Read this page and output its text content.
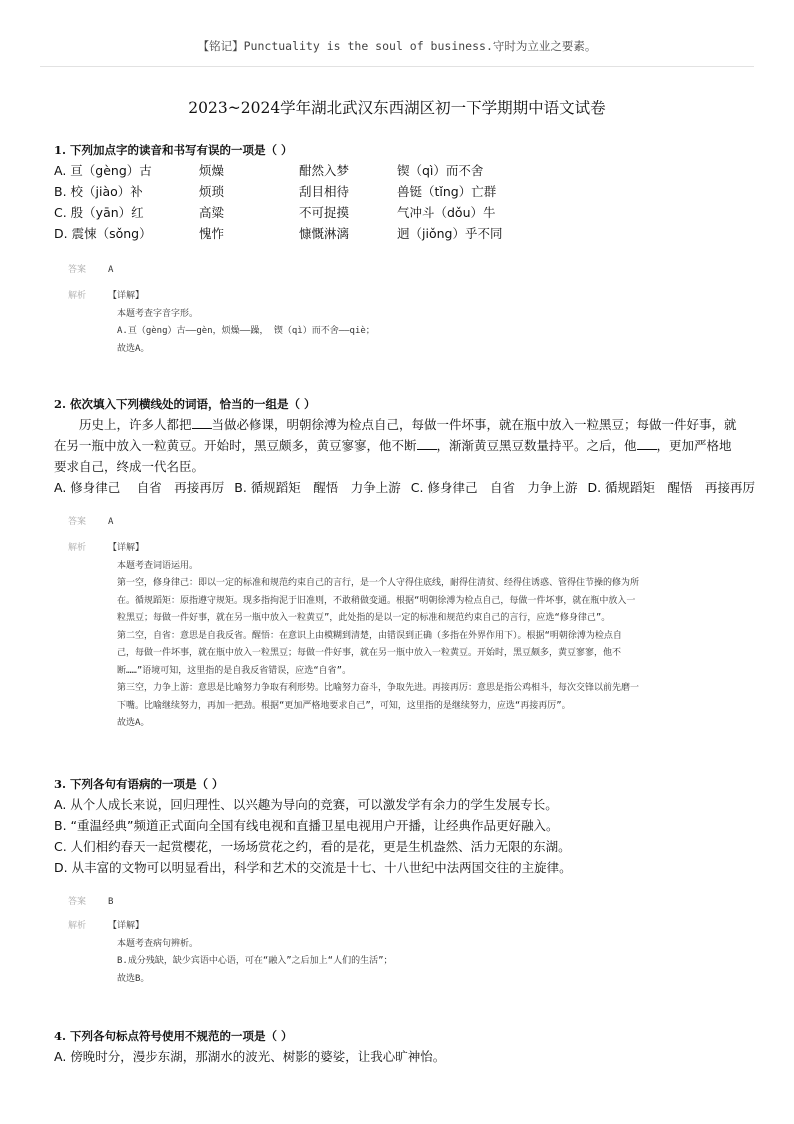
【铭记】Punctuality is the soul of business.守时为立业之要素。
2023~2024学年湖北武汉东西湖区初一下学期期中语文试卷
1. 下列加点字的读音和书写有误的一项是（ ）
A. 亘（gèng）古	烦燥	酣然入梦	锲（qì）而不舍
B. 校（jiào）补	烦琐	刮目相待	兽铤（tǐng）亡群
C. 殷（yān）红	高粱	不可捉摸	气冲斗（dǒu）牛
D. 震悚（sǒng）	愧怍	慷慨淋漓	迥（jiǒng）乎不同
答案 A
解析	【详解】
本题考查字音字形。
A.亘（gèng）古——gèn，烦燥——躁， 锲（qì）而不舍——qiè；
故选A。
2. 依次填入下列横线处的词语，恰当的一组是（ ）
历史上，许多人都把 当做必修课，明朝徐溥为检点自己，每做一件坏事，就在瓶中放入一粒黑豆；每做一件好事，就在另一瓶中放入一粒黄豆。开始时，黑豆颇多，黄豆寥寥，他不断 ，渐渐黄豆黑豆数量持平。之后，他 ，更加严格地要求自己，终成一代名臣。
A. 修身律己　 自省　再接再厉 B. 循规蹈矩　醒悟　力争上游 C. 修身律己　自省　力争上游 D. 循规蹈矩　醒悟　再接再厉
答案 A
解析	【详解】
本题考查词语运用。
第一空，修身律己：即以一定的标准和规范约束自己的言行，是一个人守得住底线，耐得住清贫、经得住诱惑、管得住节操的修为所
在。循规蹈矩：原指遵守规矩。现多指拘泥于旧准则，不敢稍做变通。根据“明朝徐溥为检点自己，每做一件坏事，就在瓶中放入一
粒黑豆；每做一件好事，就在另一瓶中放入一粒黄豆”，此处指的是以一定的标准和规范约束自己的言行，应选“修身律己”。
第二空，自省：意思是自我反省。醒悟：在意识上由模糊到清楚，由错误到正确（多指在外界作用下）。根据“明朝徐溥为检点自
己，每做一件坏事，就在瓶中放入一粒黑豆；每做一件好事，就在另一瓶中放入一粒黄豆。开始时，黑豆颇多，黄豆寥寥，他不
断……”语境可知，这里指的是自我反省错误，应选“自省”。
第三空，力争上游：意思是比喻努力争取有利形势。比喻努力奋斗，争取先进。再接再厉：意思是指公鸡相斗，每次交锋以前先磨一
下嘴。比喻继续努力，再加一把劲。根据“更加严格地要求自己”，可知，这里指的是继续努力，应选“再接再厉”。
故选A。
3. 下列各句有语病的一项是（ ）
A. 从个人成长来说，回归理性、以兴趣为导向的竞赛，可以激发学有余力的学生发展专长。
B. “重温经典”频道正式面向全国有线电视和直播卫星电视用户开播，让经典作品更好融入。
C. 人们相约春天一起赏樱花，一场场赏花之约，看的是花，更是生机盎然、活力无限的东湖。
D. 从丰富的文物可以明显看出，科学和艺术的交流是十七、十八世纪中法两国交往的主旋律。
答案 B
解析	【详解】
本题考查病句辨析。
B.成分残缺，缺少宾语中心语，可在“融入”之后加上“人们的生活”；
故选B。
4. 下列各句标点符号使用不规范的一项是（ ）
A. 傍晚时分，漫步东湖，那湖水的波光、树影的婆娑，让我心旷神怡。
